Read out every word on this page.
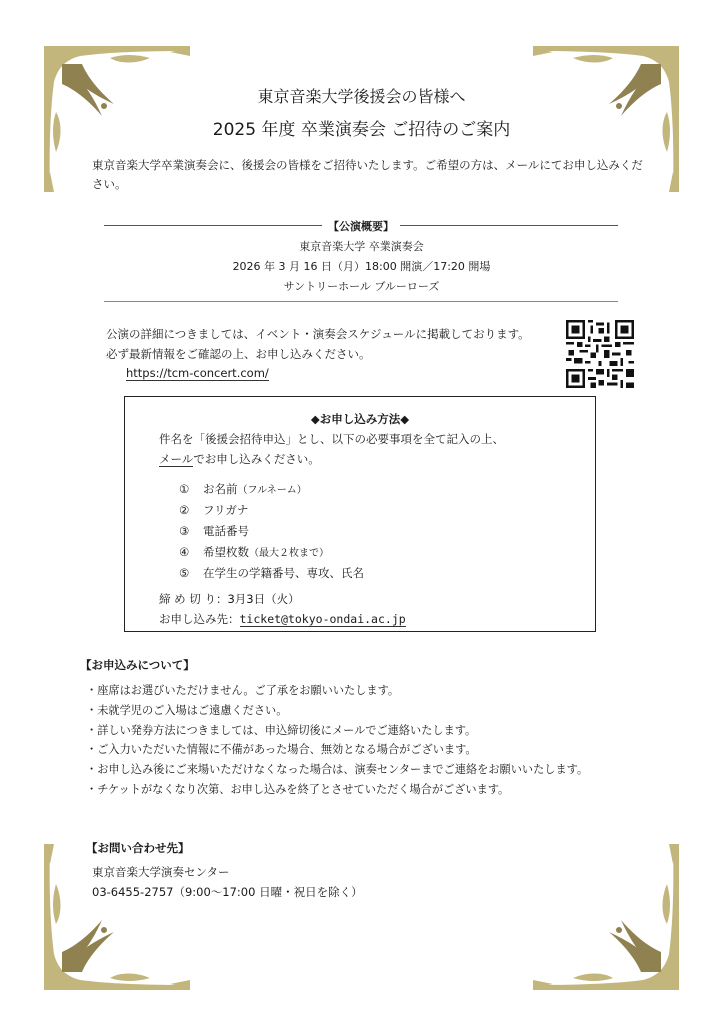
東京音楽大学後援会の皆様へ
2025 年度 卒業演奏会 ご招待のご案内
東京音楽大学卒業演奏会に、後援会の皆様をご招待いたします。ご希望の方は、メールにてお申し込みください。
【公演概要】
東京音楽大学 卒業演奏会
2026 年 3 月 16 日（月）18:00 開演／17:20 開場
サントリーホール ブルーローズ
公演の詳細につきましては、イベント・演奏会スケジュールに掲載しております。
必ず最新情報をご確認の上、お申し込みください。
https://tcm-concert.com/
◆お申し込み方法◆
件名を「後援会招待申込」とし、以下の必要事項を全て記入の上、
メールでお申し込みください。
① お名前（フルネーム）
② フリガナ
③ 電話番号
④ 希望枚数（最大２枚まで）
⑤ 在学生の学籍番号、専攻、氏名
締 め 切 り：3月3日（火）
お申し込み先：ticket@tokyo-ondai.ac.jp
【お申込みについて】
・ 座席はお選びいただけません。ご了承をお願いいたします。
・ 未就学児のご入場はご遠慮ください。
・ 詳しい発券方法につきましては、申込締切後にメールでご連絡いたします。
・ ご入力いただいた情報に不備があった場合、無効となる場合がございます。
・ お申し込み後にご来場いただけなくなった場合は、演奏センターまでご連絡をお願いいたします。
・ チケットがなくなり次第、お申し込みを終了とさせていただく場合がございます。
【お問い合わせ先】
東京音楽大学演奏センター
03-6455-2757（9:00〜17:00 日曜・祝日を除く）
